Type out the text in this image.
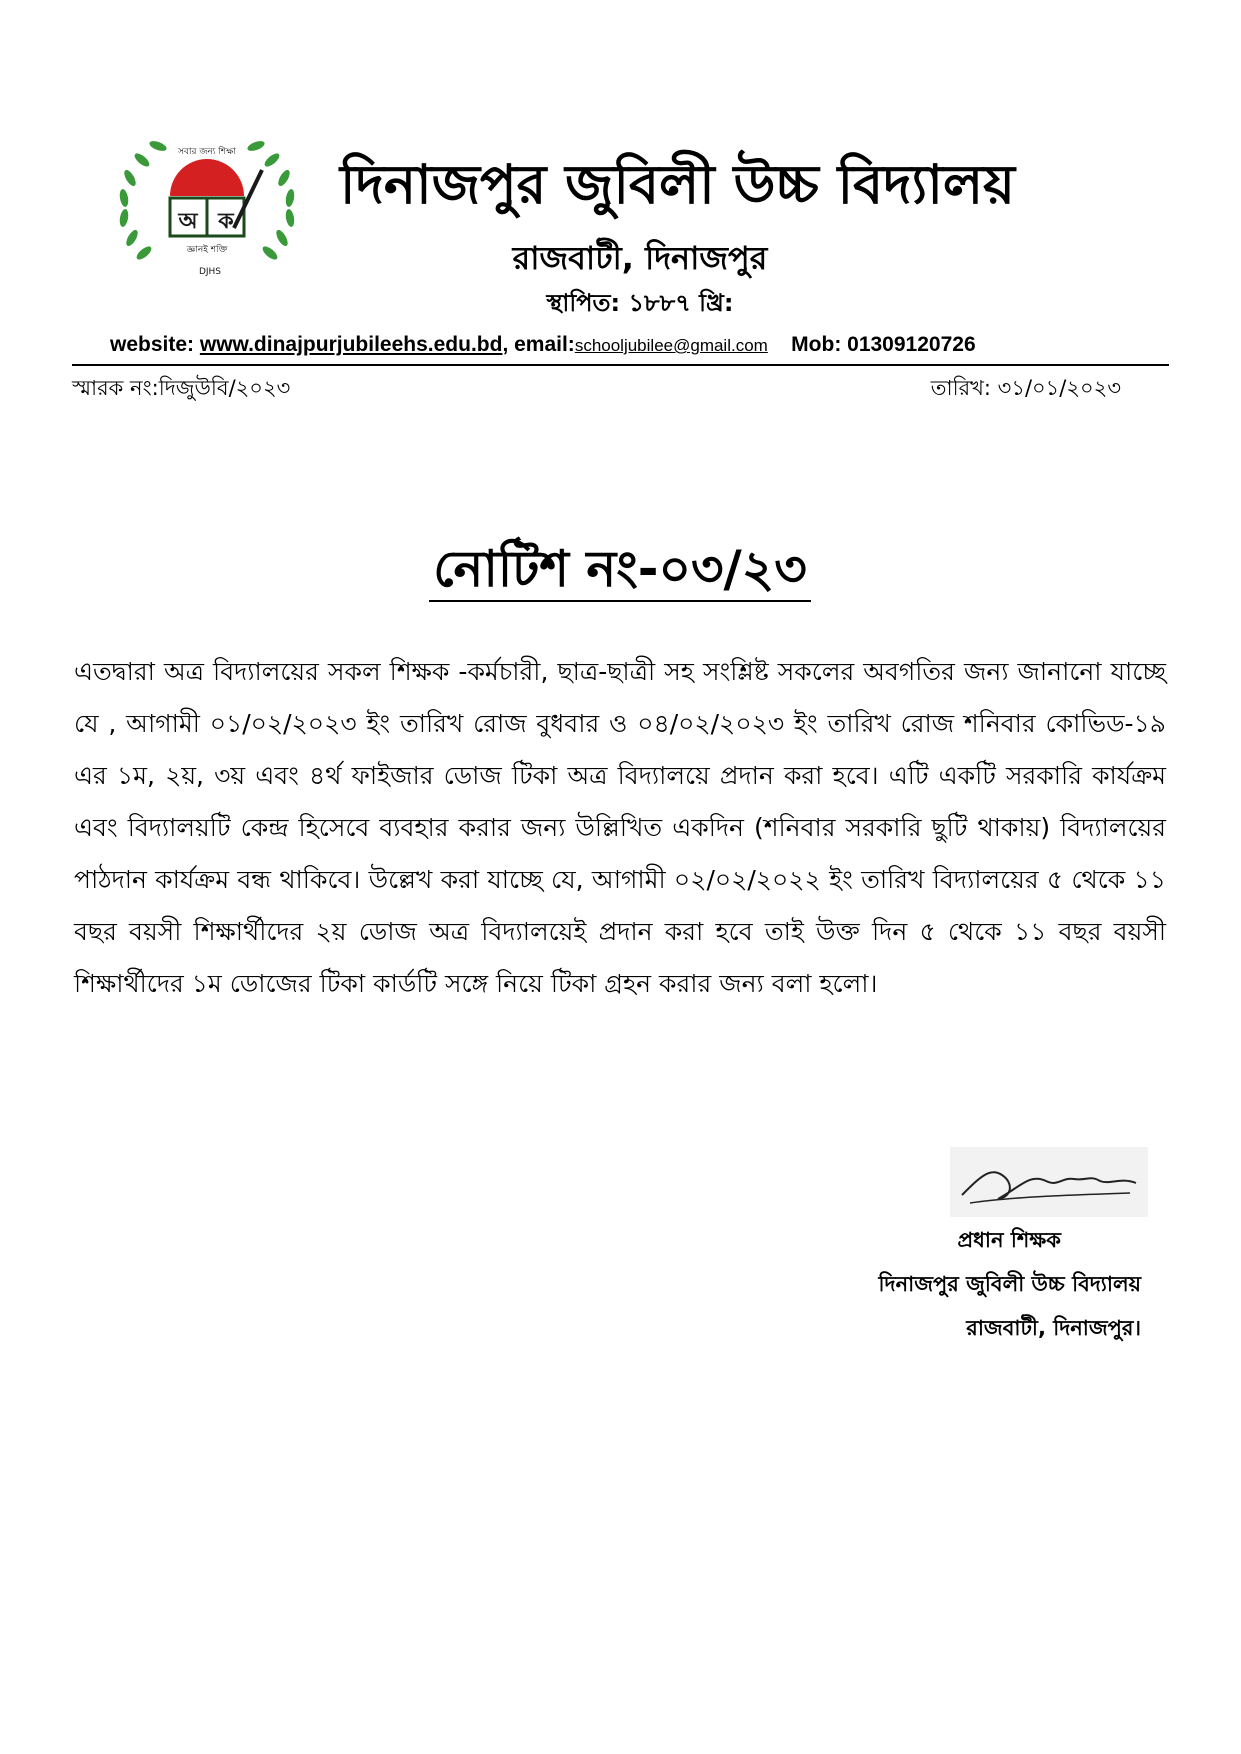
অ ক
সবার জন্য শিক্ষা
জ্ঞানই শক্তি
DJHS
দিনাজপুর জুবিলী উচ্চ বিদ্যালয়
রাজবাটী, দিনাজপুর
স্থাপিত: ১৮৮৭ খ্রি:
website: www.dinajpurjubileehs.edu.bd, email:schooljubilee@gmail.com Mob: 01309120726
স্মারক নং:দিজুউবি/২০২৩	তারিখ: ৩১/০১/২০২৩
নোটিশ নং-০৩/২৩
এতদ্বারা অত্র বিদ্যালয়ের সকল শিক্ষক -কর্মচারী, ছাত্র-ছাত্রী সহ সংশ্লিষ্ট সকলের অবগতির জন্য জানানো যাচ্ছে যে , আগামী ০১/০২/২০২৩ ইং তারিখ রোজ বুধবার ও ০৪/০২/২০২৩ ইং তারিখ রোজ শনিবার কোভিড-১৯ এর ১ম, ২য়, ৩য় এবং ৪র্থ ফাইজার ডোজ টিকা অত্র বিদ্যালয়ে প্রদান করা হবে। এটি একটি সরকারি কার্যক্রম এবং বিদ্যালয়টি কেন্দ্র হিসেবে ব্যবহার করার জন্য উল্লিখিত একদিন (শনিবার সরকারি ছুটি থাকায়) বিদ্যালয়ের পাঠদান কার্যক্রম বন্ধ থাকিবে। উল্লেখ করা যাচ্ছে যে, আগামী ০২/০২/২০২২ ইং তারিখ বিদ্যালয়ের ৫ থেকে ১১ বছর বয়সী শিক্ষার্থীদের ২য় ডোজ অত্র বিদ্যালয়েই প্রদান করা হবে তাই উক্ত দিন ৫ থেকে ১১ বছর বয়সী শিক্ষার্থীদের ১ম ডোজের টিকা কার্ডটি সঙ্গে নিয়ে টিকা গ্রহন করার জন্য বলা হলো।
প্রধান শিক্ষক
দিনাজপুর জুবিলী উচ্চ বিদ্যালয়
রাজবাটী, দিনাজপুর।
